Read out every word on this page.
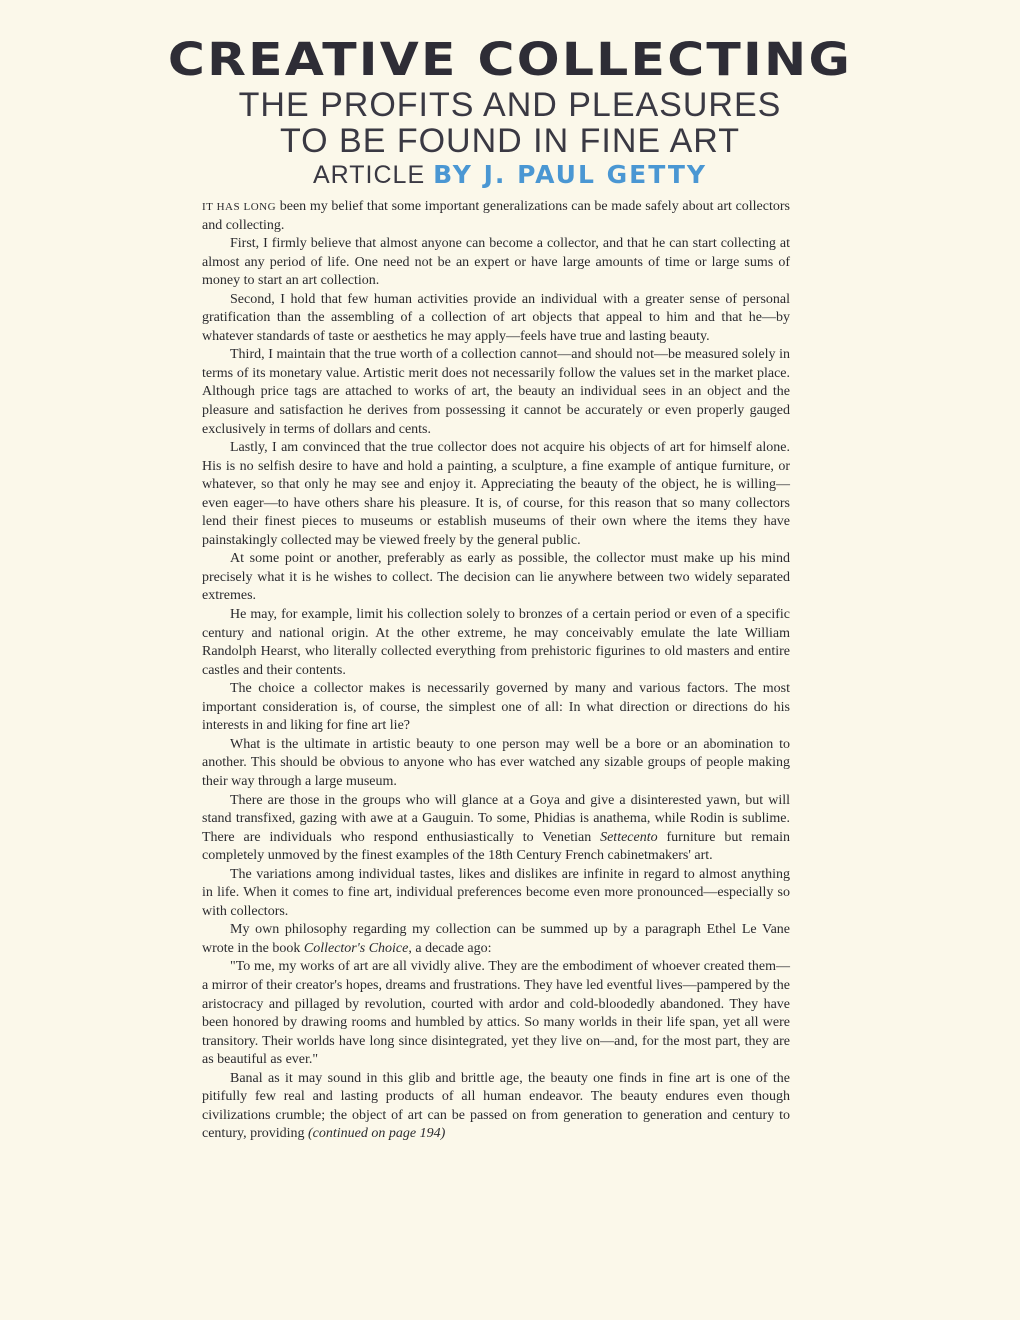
CREATIVE COLLECTING
THE PROFITS AND PLEASURES
TO BE FOUND IN FINE ART
ARTICLE BY J. PAUL GETTY

IT HAS LONG been my belief that some important generalizations can be made safely about art collectors and collecting.

First, I firmly believe that almost anyone can become a collector, and that he can start collecting at almost any period of life. One need not be an expert or have large amounts of time or large sums of money to start an art collection.

Second, I hold that few human activities provide an individual with a greater sense of personal gratification than the assembling of a collection of art objects that appeal to him and that he—by whatever standards of taste or aesthetics he may apply—feels have true and lasting beauty.

Third, I maintain that the true worth of a collection cannot—and should not—be measured solely in terms of its monetary value. Artistic merit does not necessarily follow the values set in the market place. Although price tags are attached to works of art, the beauty an individual sees in an object and the pleasure and satisfaction he derives from possessing it cannot be accurately or even properly gauged exclusively in terms of dollars and cents.

Lastly, I am convinced that the true collector does not acquire his objects of art for himself alone. His is no selfish desire to have and hold a painting, a sculpture, a fine example of antique furniture, or whatever, so that only he may see and enjoy it. Appreciating the beauty of the object, he is willing—even eager—to have others share his pleasure. It is, of course, for this reason that so many collectors lend their finest pieces to museums or establish museums of their own where the items they have painstakingly collected may be viewed freely by the general public.

At some point or another, preferably as early as possible, the collector must make up his mind precisely what it is he wishes to collect. The decision can lie anywhere between two widely separated extremes.

He may, for example, limit his collection solely to bronzes of a certain period or even of a specific century and national origin. At the other extreme, he may conceivably emulate the late William Randolph Hearst, who literally collected everything from prehistoric figurines to old masters and entire castles and their contents.

The choice a collector makes is necessarily governed by many and various factors. The most important consideration is, of course, the simplest one of all: In what direction or directions do his interests in and liking for fine art lie?

What is the ultimate in artistic beauty to one person may well be a bore or an abomination to another. This should be obvious to anyone who has ever watched any sizable groups of people making their way through a large museum.

There are those in the groups who will glance at a Goya and give a disinterested yawn, but will stand transfixed, gazing with awe at a Gauguin. To some, Phidias is anathema, while Rodin is sublime. There are individuals who respond enthusiastically to Venetian Settecento furniture but remain completely unmoved by the finest examples of the 18th Century French cabinetmakers' art.

The variations among individual tastes, likes and dislikes are infinite in regard to almost anything in life. When it comes to fine art, individual preferences become even more pronounced—especially so with collectors.

My own philosophy regarding my collection can be summed up by a paragraph Ethel Le Vane wrote in the book Collector's Choice, a decade ago:

"To me, my works of art are all vividly alive. They are the embodiment of whoever created them—a mirror of their creator's hopes, dreams and frustrations. They have led eventful lives—pampered by the aristocracy and pillaged by revolution, courted with ardor and cold-bloodedly abandoned. They have been honored by drawing rooms and humbled by attics. So many worlds in their life span, yet all were transitory. Their worlds have long since disintegrated, yet they live on—and, for the most part, they are as beautiful as ever."

Banal as it may sound in this glib and brittle age, the beauty one finds in fine art is one of the pitifully few real and lasting products of all human endeavor. The beauty endures even though civilizations crumble; the object of art can be passed on from generation to generation and century to century, providing (continued on page 194)
